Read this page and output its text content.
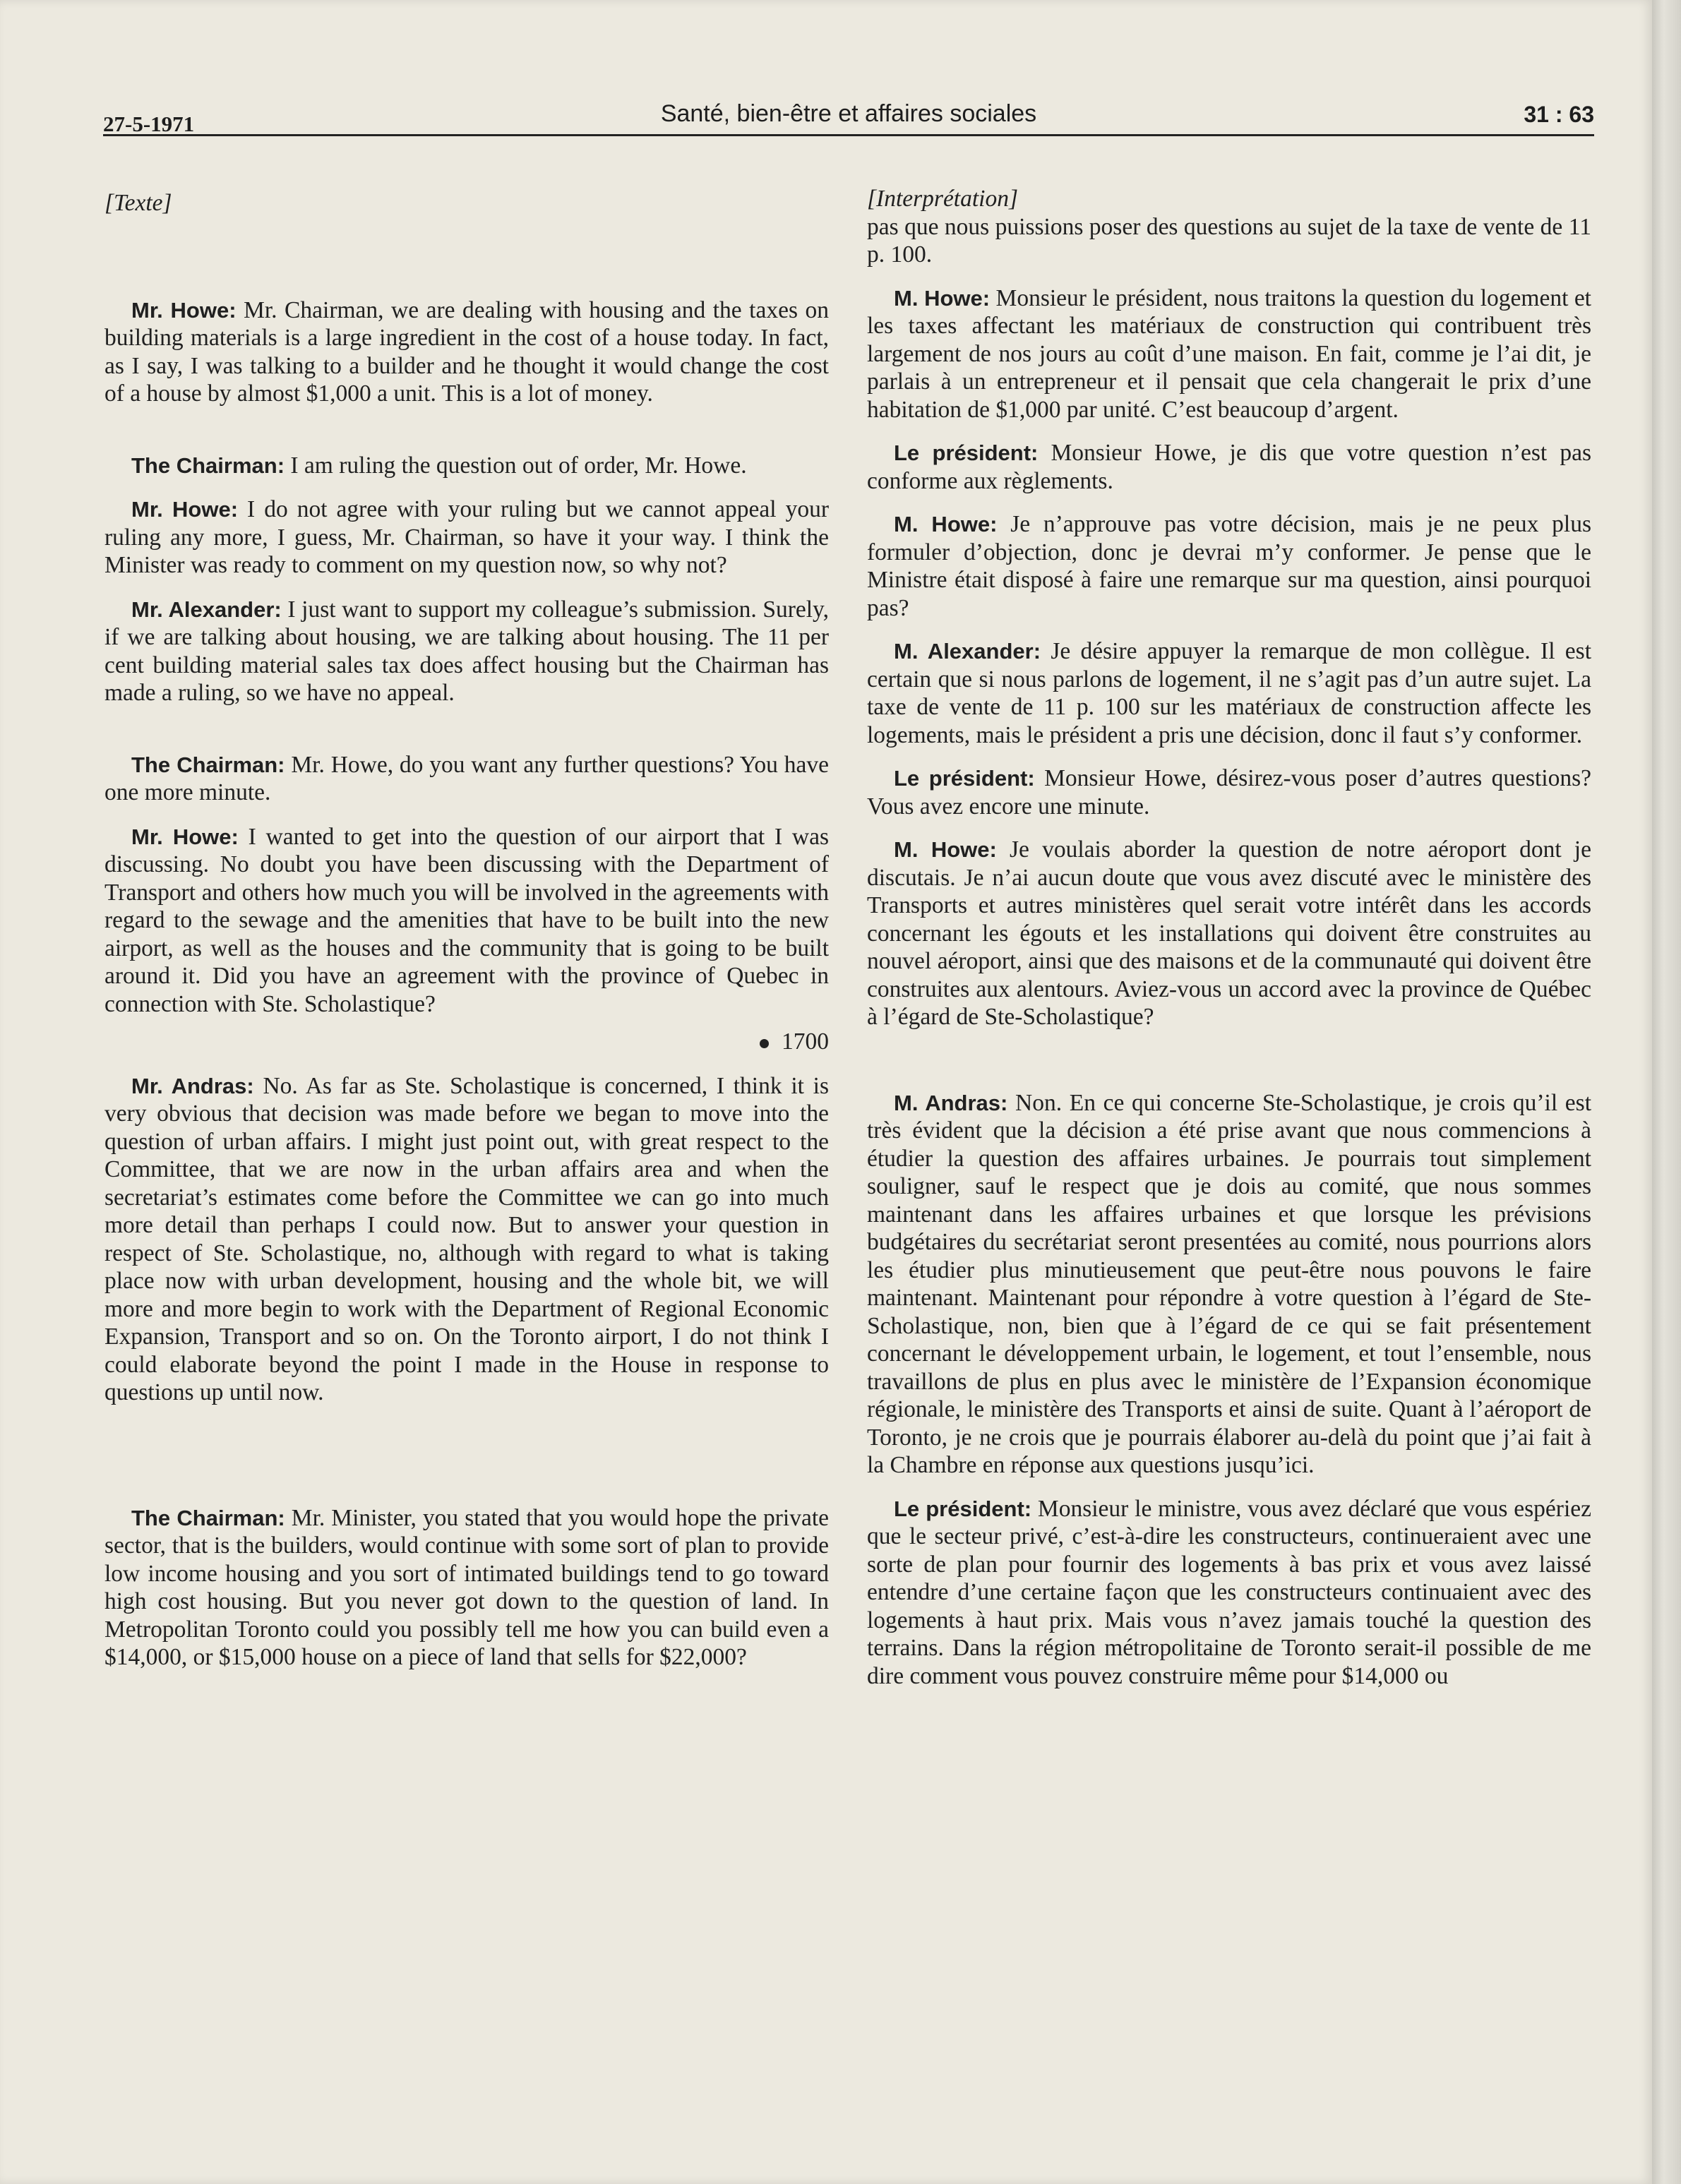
27-5-1971	Santé, bien-être et affaires sociales	31 : 63

[Texte]

Mr. Howe: Mr. Chairman, we are dealing with housing and the taxes on building materials is a large ingredient in the cost of a house today. In fact, as I say, I was talking to a builder and he thought it would change the cost of a house by almost $1,000 a unit. This is a lot of money.

The Chairman: I am ruling the question out of order, Mr. Howe.

Mr. Howe: I do not agree with your ruling but we cannot appeal your ruling any more, I guess, Mr. Chairman, so have it your way. I think the Minister was ready to comment on my question now, so why not?

Mr. Alexander: I just want to support my colleague’s submission. Surely, if we are talking about housing, we are talking about housing. The 11 per cent building material sales tax does affect housing but the Chairman has made a ruling, so we have no appeal.

The Chairman: Mr. Howe, do you want any further questions? You have one more minute.

Mr. Howe: I wanted to get into the question of our airport that I was discussing. No doubt you have been discussing with the Department of Transport and others how much you will be involved in the agreements with regard to the sewage and the amenities that have to be built into the new airport, as well as the houses and the community that is going to be built around it. Did you have an agreement with the province of Quebec in connection with Ste. Scholastique?

1700

Mr. Andras: No. As far as Ste. Scholastique is concerned, I think it is very obvious that decision was made before we began to move into the question of urban affairs. I might just point out, with great respect to the Committee, that we are now in the urban affairs area and when the secretariat’s estimates come before the Committee we can go into much more detail than perhaps I could now. But to answer your question in respect of Ste. Scholastique, no, although with regard to what is taking place now with urban development, housing and the whole bit, we will more and more begin to work with the Department of Regional Economic Expansion, Transport and so on. On the Toronto airport, I do not think I could elaborate beyond the point I made in the House in response to questions up until now.

The Chairman: Mr. Minister, you stated that you would hope the private sector, that is the builders, would continue with some sort of plan to provide low income housing and you sort of intimated buildings tend to go toward high cost housing. But you never got down to the question of land. In Metropolitan Toronto could you possibly tell me how you can build even a $14,000, or $15,000 house on a piece of land that sells for $22,000?

[Interprétation]

pas que nous puissions poser des questions au sujet de la taxe de vente de 11 p. 100.

M. Howe: Monsieur le président, nous traitons la question du logement et les taxes affectant les matériaux de construction qui contribuent très largement de nos jours au coût d’une maison. En fait, comme je l’ai dit, je parlais à un entrepreneur et il pensait que cela changerait le prix d’une habitation de $1,000 par unité. C’est beaucoup d’argent.

Le président: Monsieur Howe, je dis que votre question n’est pas conforme aux règlements.

M. Howe: Je n’approuve pas votre décision, mais je ne peux plus formuler d’objection, donc je devrai m’y conformer. Je pense que le Ministre était disposé à faire une remarque sur ma question, ainsi pourquoi pas?

M. Alexander: Je désire appuyer la remarque de mon collègue. Il est certain que si nous parlons de logement, il ne s’agit pas d’un autre sujet. La taxe de vente de 11 p. 100 sur les matériaux de construction affecte les logements, mais le président a pris une décision, donc il faut s’y conformer.

Le président: Monsieur Howe, désirez-vous poser d’autres questions? Vous avez encore une minute.

M. Howe: Je voulais aborder la question de notre aéroport dont je discutais. Je n’ai aucun doute que vous avez discuté avec le ministère des Transports et autres ministères quel serait votre intérêt dans les accords concernant les égouts et les installations qui doivent être construites au nouvel aéroport, ainsi que des maisons et de la communauté qui doivent être construites aux alentours. Aviez-vous un accord avec la province de Québec à l’égard de Ste-Scholastique?

M. Andras: Non. En ce qui concerne Ste-Scholastique, je crois qu’il est très évident que la décision a été prise avant que nous commencions à étudier la question des affaires urbaines. Je pourrais tout simplement souligner, sauf le respect que je dois au comité, que nous sommes maintenant dans les affaires urbaines et que lorsque les prévisions budgétaires du secrétariat seront presentées au comité, nous pourrions alors les étudier plus minutieusement que peut-être nous pouvons le faire maintenant. Maintenant pour répondre à votre question à l’égard de Ste-Scholastique, non, bien que à l’égard de ce qui se fait présentement concernant le développement urbain, le logement, et tout l’ensemble, nous travaillons de plus en plus avec le ministère de l’Expansion économique régionale, le ministère des Transports et ainsi de suite. Quant à l’aéroport de Toronto, je ne crois que je pourrais élaborer au-delà du point que j’ai fait à la Chambre en réponse aux questions jusqu’ici.

Le président: Monsieur le ministre, vous avez déclaré que vous espériez que le secteur privé, c’est-à-dire les constructeurs, continueraient avec une sorte de plan pour fournir des logements à bas prix et vous avez laissé entendre d’une certaine façon que les constructeurs continuaient avec des logements à haut prix. Mais vous n’avez jamais touché la question des terrains. Dans la région métropolitaine de Toronto serait-il possible de me dire comment vous pouvez construire même pour $14,000 ou
